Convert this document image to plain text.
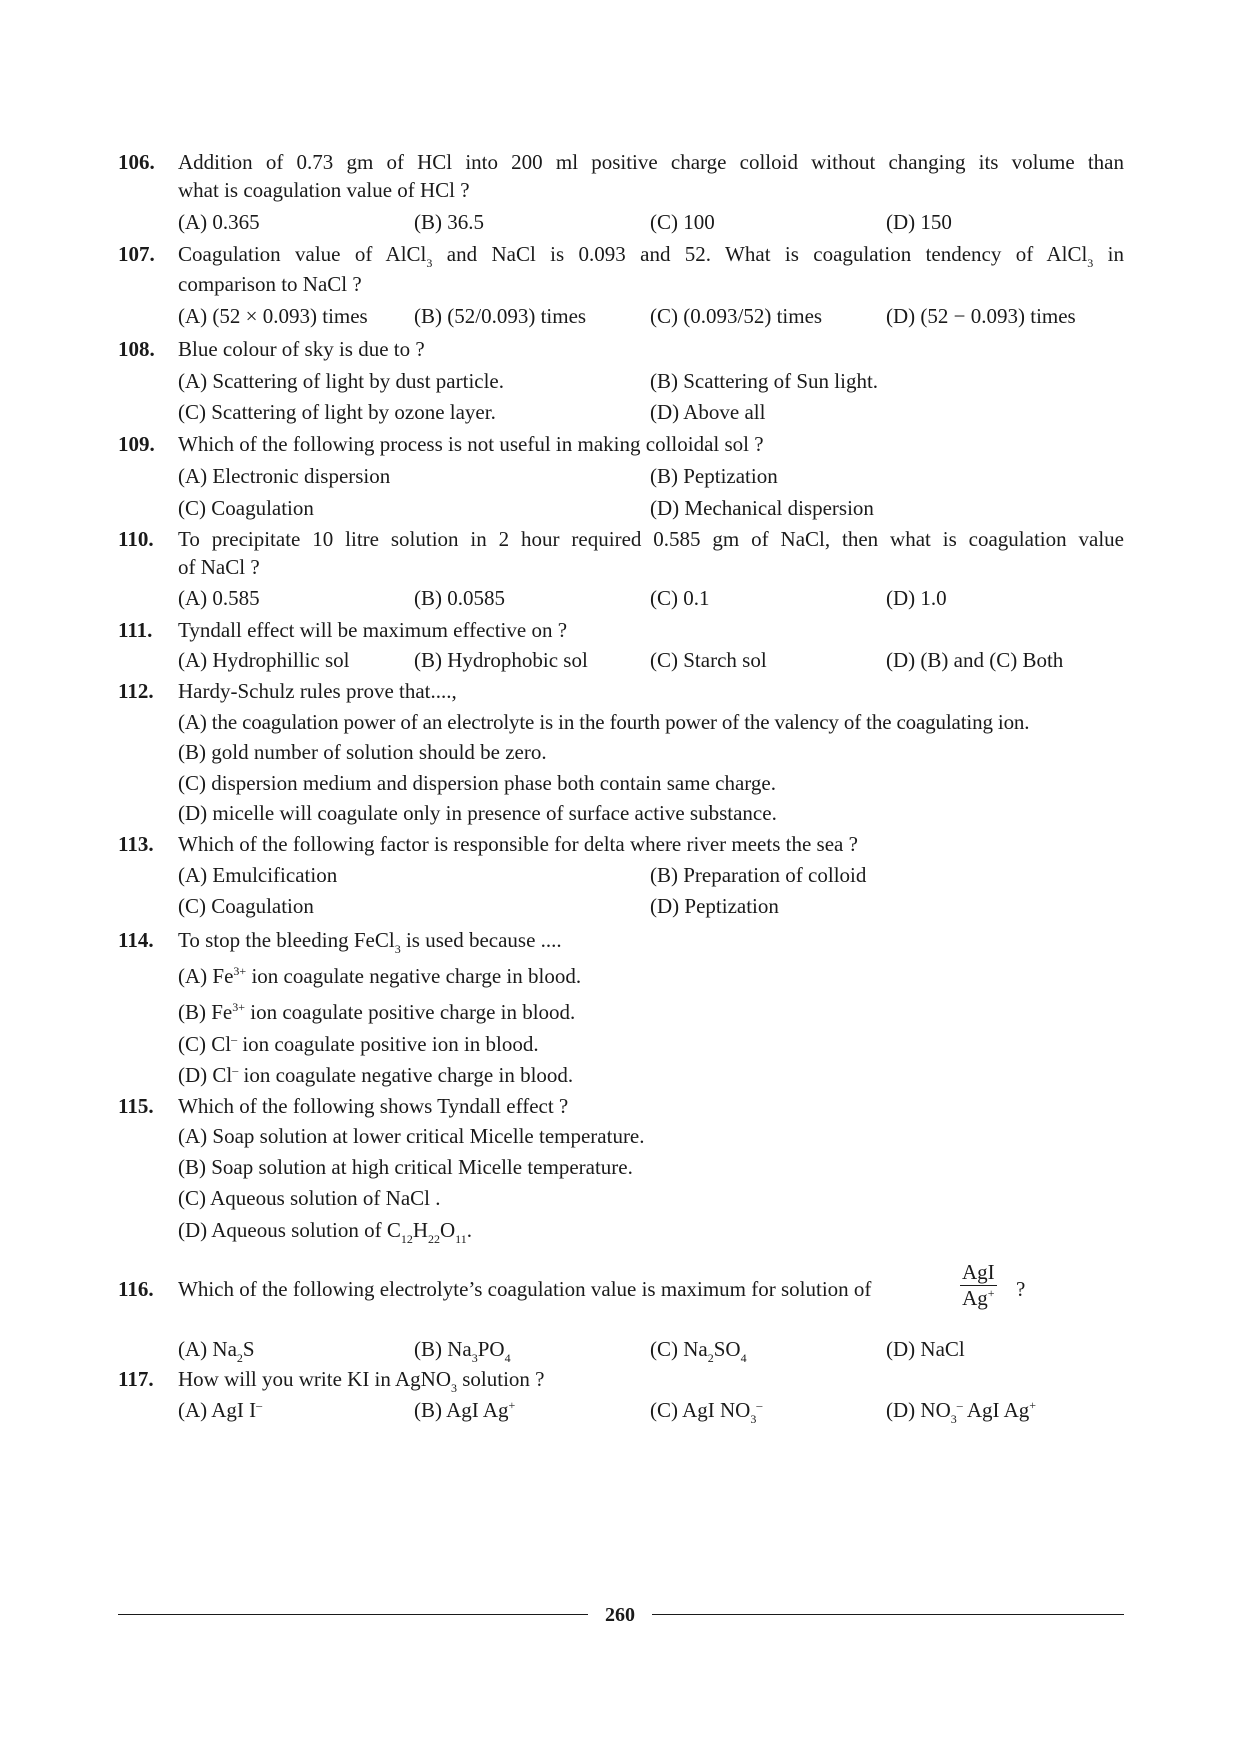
106. Addition of 0.73 gm of HCl into 200 ml positive charge colloid without changing its volume than
what is coagulation value of HCl ?
(A) 0.365	(B) 36.5	(C) 100	(D) 150
107. Coagulation value of AlCl$_3$ and NaCl is 0.093 and 52. What is coagulation tendency of AlCl$_3$ in
comparison to NaCl ?
(A) (52 × 0.093) times (B) (52/0.093) times	(C) (0.093/52) times	(D) (52 − 0.093) times
108. Blue colour of sky is due to ?
(A) Scattering of light by dust particle.	(B) Scattering of Sun light.
(C) Scattering of light by ozone layer.	(D) Above all
109. Which of the following process is not useful in making colloidal sol ?
(A) Electronic dispersion	(B) Peptization
(C) Coagulation	(D) Mechanical dispersion
110. To precipitate 10 litre solution in 2 hour required 0.585 gm of NaCl, then what is coagulation value
of NaCl ?
(A) 0.585	(B) 0.0585	(C) 0.1	(D) 1.0
111. Tyndall effect will be maximum effective on ?
(A) Hydrophillic sol	(B) Hydrophobic sol	(C) Starch sol	(D) (B) and (C) Both
112. Hardy-Schulz rules prove that....,
(A) the coagulation power of an electrolyte is in the fourth power of the valency of the coagulating ion.
(B) gold number of solution should be zero.
(C) dispersion medium and dispersion phase both contain same charge.
(D) micelle will coagulate only in presence of surface active substance.
113. Which of the following factor is responsible for delta where river meets the sea ?
(A) Emulcification	(B) Preparation of colloid
(C) Coagulation	(D) Peptization
114. To stop the bleeding FeCl$_3$ is used because ....
(A) $Fe^{3+}$ ion coagulate negative charge in blood.
(B) $Fe^{3+}$ ion coagulate positive charge in blood.
(C) Cl– ion coagulate positive ion in blood.
(D) Cl– ion coagulate negative charge in blood.
115. Which of the following shows Tyndall effect ?
(A) Soap solution at lower critical Micelle temperature.
(B) Soap solution at high critical Micelle temperature.
(C) Aqueous solution of NaCl .
(D) Aqueous solution of $C_{12}H_{22}O_{11}$.
116. Which of the following electrolyte’s coagulation value is maximum for solution of
AgI
Ag+ ?
(A) $Na_2S$	(B) $Na_3PO_4$	(C) $Na_2SO_4$	(D) NaCl
117. How will you write KI in AgNO$_3$ solution ?
(A) AgI I–	(B) AgI Ag+	(C) AgI $NO_3^-$	(D) $NO_3^-$ AgI Ag+
260
